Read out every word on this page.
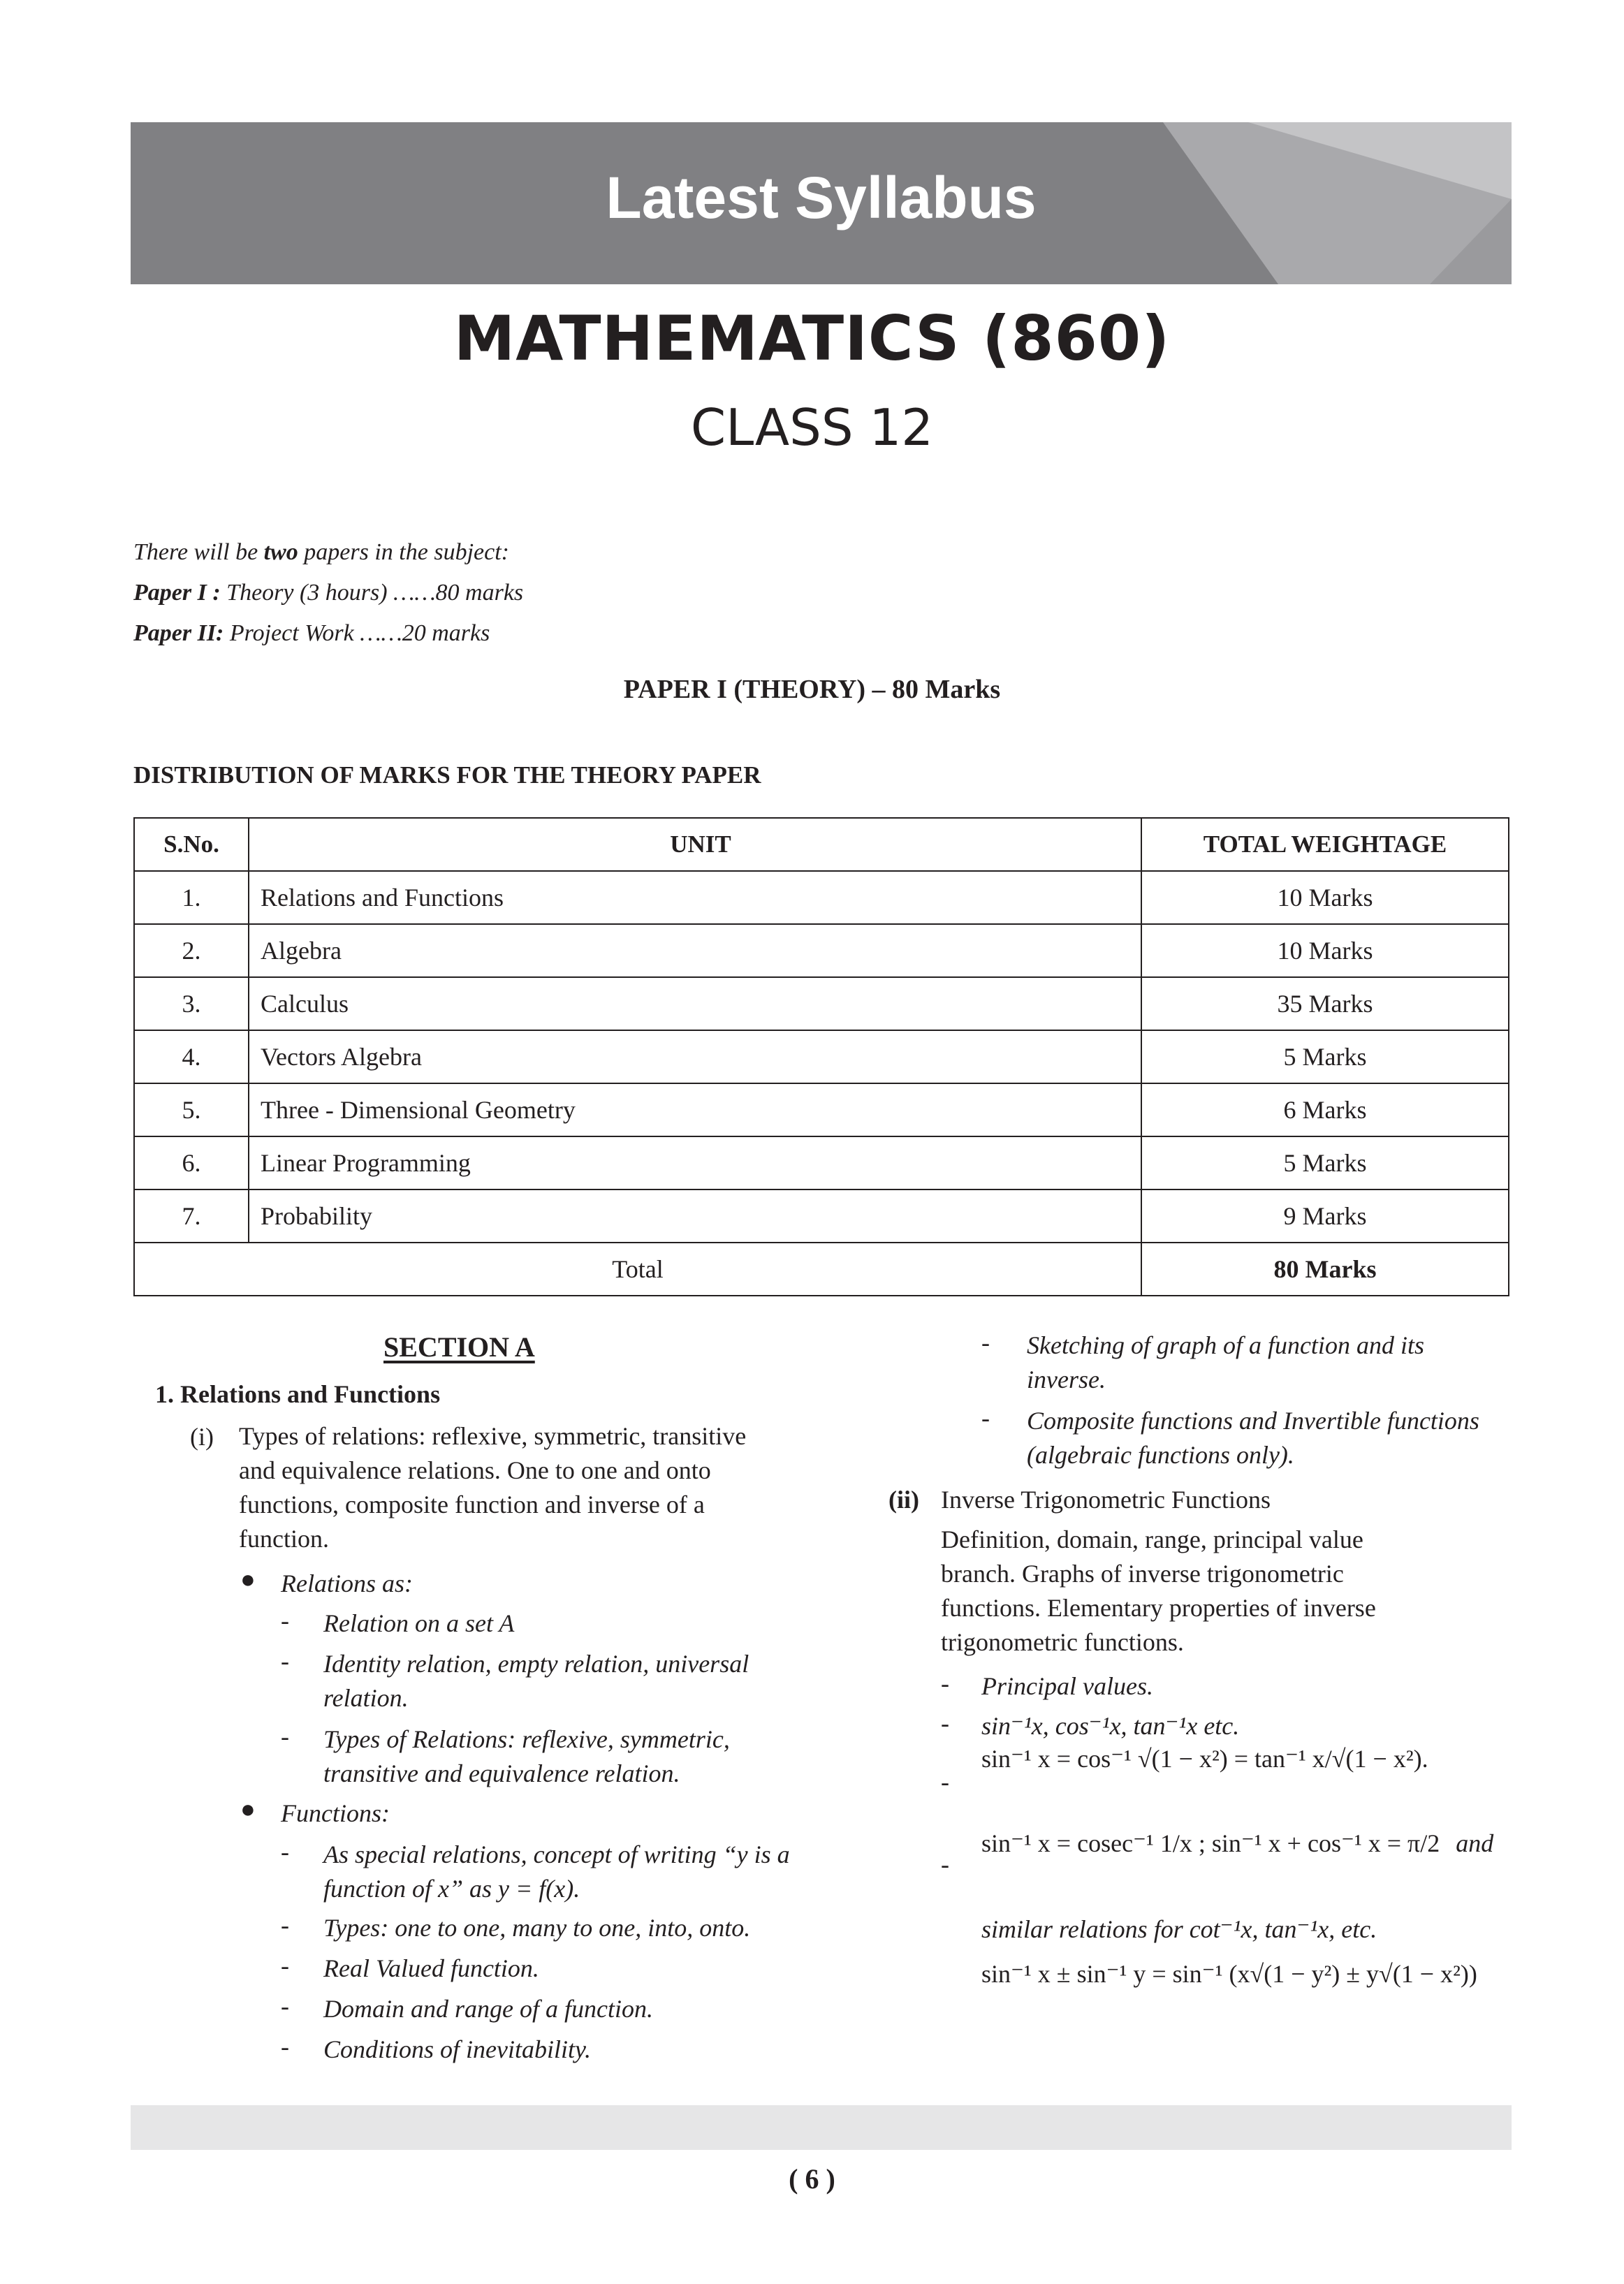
Latest Syllabus
MATHEMATICS (860)
CLASS 12
There will be two papers in the subject:
Paper I : Theory (3 hours) ……80 marks
Paper II: Project Work ……20 marks
PAPER I (THEORY) – 80 Marks
DISTRIBUTION OF MARKS FOR THE THEORY PAPER
S.No.	UNIT	TOTAL WEIGHTAGE
1.	Relations and Functions	10 Marks
2.	Algebra	10 Marks
3.	Calculus	35 Marks
4.	Vectors Algebra	5 Marks
5.	Three - Dimensional Geometry	6 Marks
6.	Linear Programming	5 Marks
7.	Probability	9 Marks
Total		80 Marks
SECTION A
1. Relations and Functions
(i) Types of relations: reflexive, symmetric, transitive
and equivalence relations. One to one and onto
functions, composite function and inverse of a
function.
● Relations as:
- Relation on a set A
- Identity relation, empty relation, universal
relation.
- Types of Relations: reflexive, symmetric,
transitive and equivalence relation.
● Functions:
- As special relations, concept of writing “y is a
function of x” as y = f(x).
- Types: one to one, many to one, into, onto.
- Real Valued function.
- Domain and range of a function.
- Conditions of inevitability.
- Sketching of graph of a function and its
inverse.
- Composite functions and Invertible functions
(algebraic functions only).
(ii) Inverse Trigonometric Functions
Definition, domain, range, principal value
branch. Graphs of inverse trigonometric
functions. Elementary properties of inverse
trigonometric functions.
- Principal values.
- sin⁻¹x, cos⁻¹x, tan⁻¹x etc.
-
sin⁻¹ x = cos⁻¹ √(1 − x²) = tan⁻¹ x/√(1 − x²).
-
sin⁻¹ x = cosec⁻¹ 1/x ; sin⁻¹ x + cos⁻¹ x = π/2 and
similar relations for cot⁻¹x, tan⁻¹x, etc.
sin⁻¹ x ± sin⁻¹ y = sin⁻¹ (x√(1 − y²) ± y√(1 − x²))
( 6 )
